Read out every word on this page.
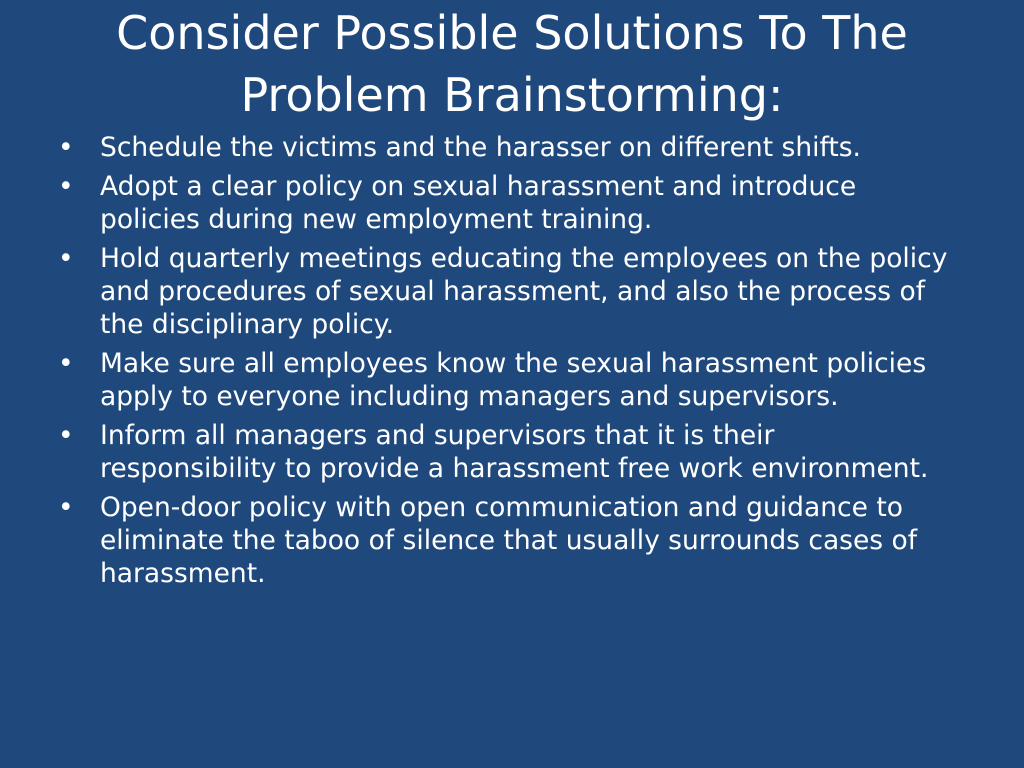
Consider Possible Solutions To The Problem Brainstorming:
• Schedule the victims and the harasser on different shifts.
• Adopt a clear policy on sexual harassment and introduce policies during new employment training.
• Hold quarterly meetings educating the employees on the policy and procedures of sexual harassment, and also the process of the disciplinary policy.
• Make sure all employees know the sexual harassment policies apply to everyone including managers and supervisors.
• Inform all managers and supervisors that it is their responsibility to provide a harassment free work environment.
• Open-door policy with open communication and guidance to eliminate the taboo of silence that usually surrounds cases of harassment.
